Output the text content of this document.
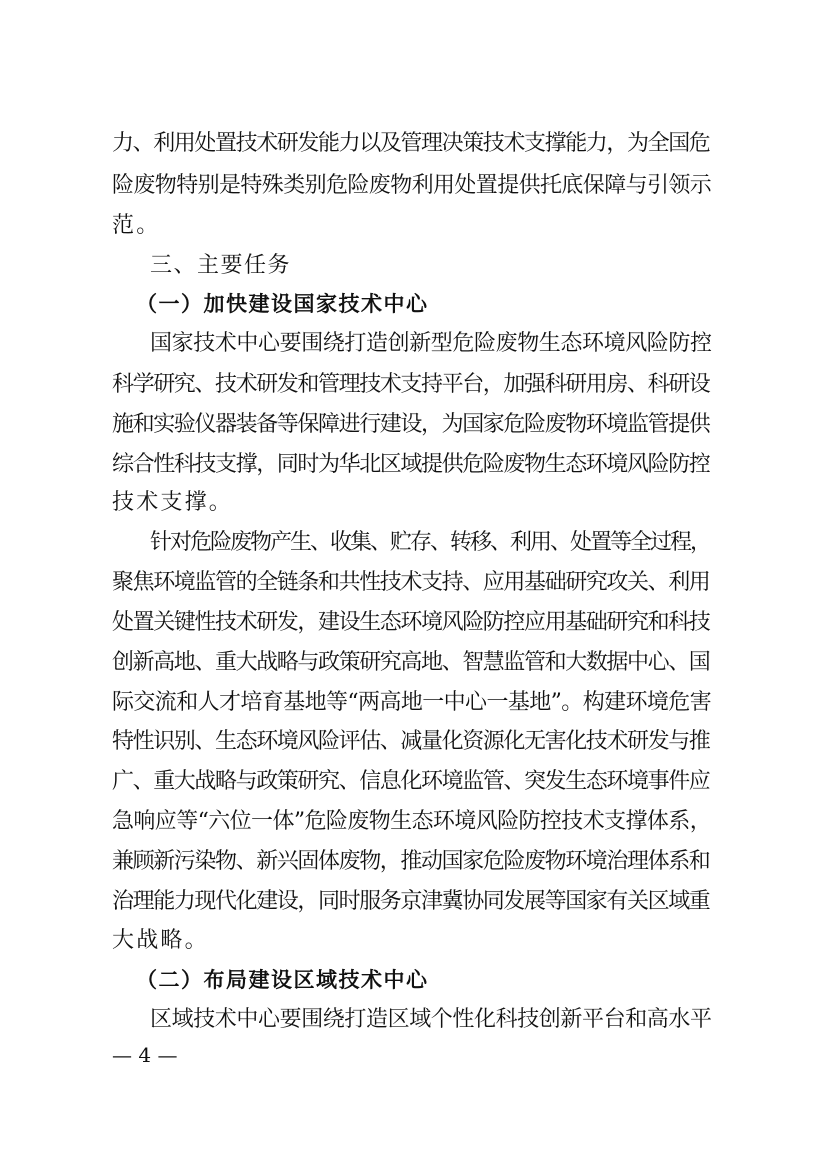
力、利用处置技术研发能力以及管理决策技术支撑能力，为全国危
险废物特别是特殊类别危险废物利用处置提供托底保障与引领示
范。
三、主要任务
（一）加快建设国家技术中心
国家技术中心要围绕打造创新型危险废物生态环境风险防控
科学研究、技术研发和管理技术支持平台，加强科研用房、科研设
施和实验仪器装备等保障进行建设，为国家危险废物环境监管提供
综合性科技支撑，同时为华北区域提供危险废物生态环境风险防控
技术支撑。
针对危险废物产生、收集、贮存、转移、利用、处置等全过程，
聚焦环境监管的全链条和共性技术支持、应用基础研究攻关、利用
处置关键性技术研发，建设生态环境风险防控应用基础研究和科技
创新高地、重大战略与政策研究高地、智慧监管和大数据中心、国
际交流和人才培育基地等“两高地一中心一基地”。构建环境危害
特性识别、生态环境风险评估、减量化资源化无害化技术研发与推
广、重大战略与政策研究、信息化环境监管、突发生态环境事件应
急响应等“六位一体”危险废物生态环境风险防控技术支撑体系，
兼顾新污染物、新兴固体废物，推动国家危险废物环境治理体系和
治理能力现代化建设，同时服务京津冀协同发展等国家有关区域重
大战略。
（二）布局建设区域技术中心
区域技术中心要围绕打造区域个性化科技创新平台和高水平
— 4 —
